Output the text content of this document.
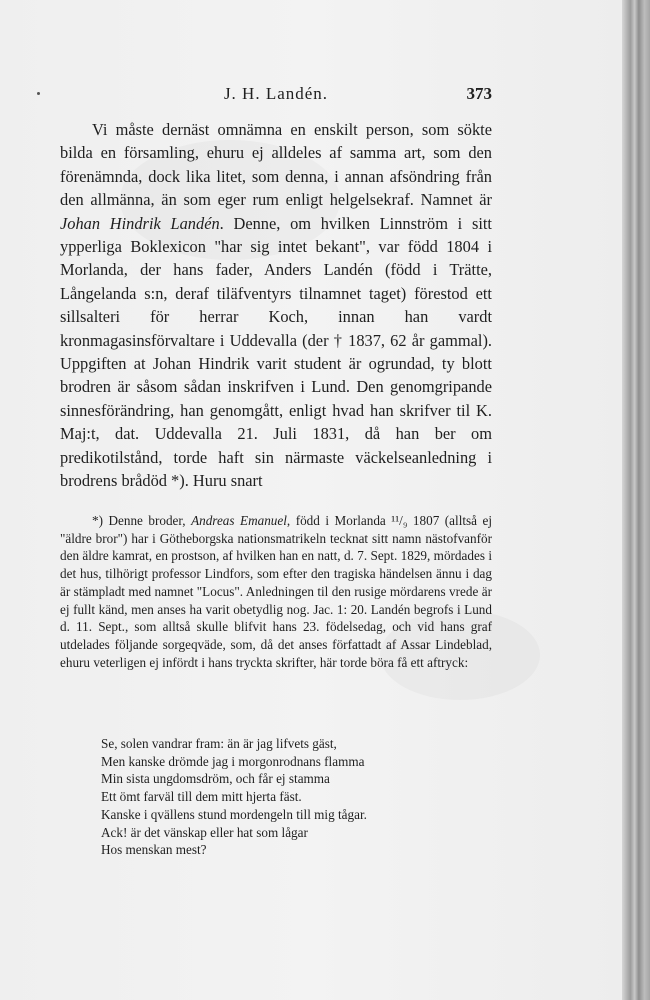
J. H. Landén.	373

Vi måste dernäst omnämna en enskilt person, som sökte bilda en församling, ehuru ej alldeles af samma art, som den förenämnda, dock lika litet, som denna, i annan afsöndring från den allmänna, än som eger rum enligt helgelsekraf. Namnet är Johan Hindrik Landén. Denne, om hvilken Linnström i sitt ypperliga Boklexicon "har sig intet bekant", var född 1804 i Morlanda, der hans fader, Anders Landén (född i Trätte, Långelanda s:n, deraf tiläfventyrs tilnamnet taget) förestod ett sillsalteri för herrar Koch, innan han vardt kronmagasinsförvaltare i Uddevalla (der † 1837, 62 år gammal). Uppgiften at Johan Hindrik varit student är ogrundad, ty blott brodren är såsom sådan inskrifven i Lund. Den genomgripande sinnesförändring, han genomgått, enligt hvad han skrifver til K. Maj:t, dat. Uddevalla 21. Juli 1831, då han ber om predikotilstånd, torde haft sin närmaste väckelseanledning i brodrens brådöd *). Huru snart

*) Denne broder, Andreas Emanuel, född i Morlanda ¹¹/₉ 1807 (alltså ej "äldre bror") har i Götheborgska nationsmatrikeln tecknat sitt namn nästofvanför den äldre kamrat, en prostson, af hvilken han en natt, d. 7. Sept. 1829, mördades i det hus, tilhörigt professor Lindfors, som efter den tragiska händelsen ännu i dag är stämpladt med namnet "Locus". Anledningen til den rusige mördarens vrede är ej fullt känd, men anses ha varit obetydlig nog. Jac. 1: 20. Landén begrofs i Lund d. 11. Sept., som alltså skulle blifvit hans 23. födelsedag, och vid hans graf utdelades följande sorgeqväde, som, då det anses författadt af Assar Lindeblad, ehuru veterligen ej infördt i hans tryckta skrifter, här torde böra få ett aftryck:

Se, solen vandrar fram: än är jag lifvets gäst,
Men kanske drömde jag i morgonrodnans flamma
Min sista ungdomsdröm, och får ej stamma
Ett ömt farväl till dem mitt hjerta fäst.
Kanske i qvällens stund mordengeln till mig tågar.
Ack! är det vänskap eller hat som lågar
Hos menskan mest?
